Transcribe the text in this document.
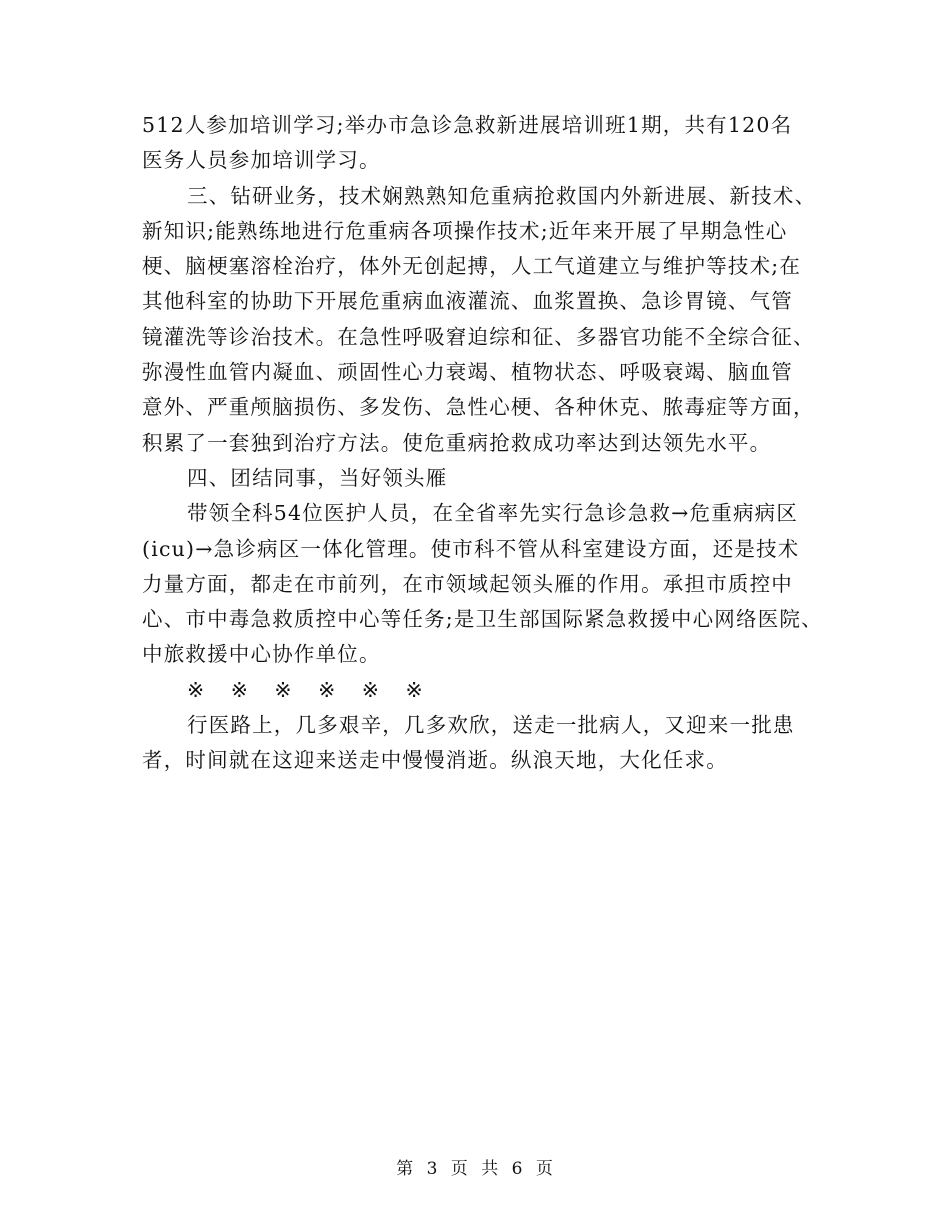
512人参加培训学习;举办市急诊急救新进展培训班1期，共有120名
医务人员参加培训学习。
三、钻研业务，技术娴熟熟知危重病抢救国内外新进展、新技术、
新知识;能熟练地进行危重病各项操作技术;近年来开展了早期急性心
梗、脑梗塞溶栓治疗，体外无创起搏，人工气道建立与维护等技术;在
其他科室的协助下开展危重病血液灌流、血浆置换、急诊胃镜、气管
镜灌洗等诊治技术。在急性呼吸窘迫综和征、多器官功能不全综合征、
弥漫性血管内凝血、顽固性心力衰竭、植物状态、呼吸衰竭、脑血管
意外、严重颅脑损伤、多发伤、急性心梗、各种休克、脓毒症等方面，
积累了一套独到治疗方法。使危重病抢救成功率达到达领先水平。
四、团结同事，当好领头雁
带领全科54位医护人员，在全省率先实行急诊急救→危重病病区
(icu)→急诊病区一体化管理。使市科不管从科室建设方面，还是技术
力量方面，都走在市前列，在市领域起领头雁的作用。承担市质控中
心、市中毒急救质控中心等任务;是卫生部国际紧急救援中心网络医院、
中旅救援中心协作单位。
※ ※ ※ ※ ※ ※
行医路上，几多艰辛，几多欢欣，送走一批病人，又迎来一批患
者，时间就在这迎来送走中慢慢消逝。纵浪天地，大化任求。
第 3 页 共 6 页
